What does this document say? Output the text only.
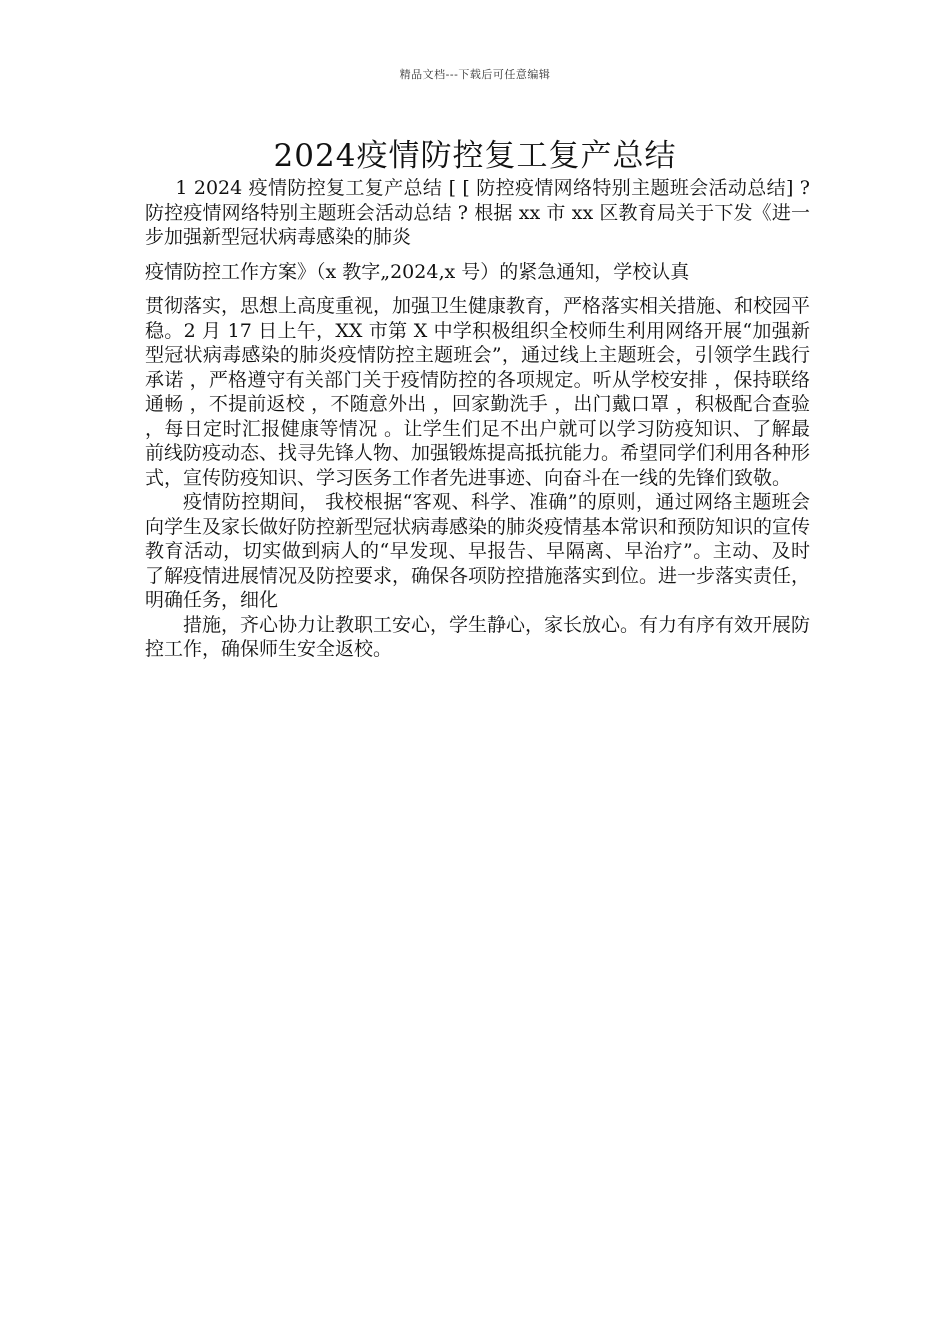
精品文档---下载后可任意编辑
2024疫情防控复工复产总结

1 2024 疫情防控复工复产总结 [ [ 防控疫情网络特别主题班会活动总结] ? 防控疫情网络特别主题班会活动总结 ? 根据 xx 市 xx 区教育局关于下发《进一步加强新型冠状病毒感染的肺炎

疫情防控工作方案》（x 教字„2024‚x 号）的紧急通知，学校认真

贯彻落实，思想上高度重视，加强卫生健康教育，严格落实相关措施、和校园平稳。2 月 17 日上午，XX 市第 X 中学积极组织全校师生利用网络开展“加强新型冠状病毒感染的肺炎疫情防控主题班会”，通过线上主题班会，引领学生践行承诺 ，严格遵守有关部门关于疫情防控的各项规定。听从学校安排 ，保持联络通畅 ，不提前返校 ，不随意外出 ，回家勤洗手 ，出门戴口罩 ，积极配合查验 ，每日定时汇报健康等情况 。让学生们足不出户就可以学习防疫知识、了解最前线防疫动态、找寻先锋人物、加强锻炼提高抵抗能力。希望同学们利用各种形式，宣传防疫知识、学习医务工作者先进事迹、向奋斗在一线的先锋们致敬。

疫情防控期间， 我校根据“客观、科学、准确”的原则，通过网络主题班会向学生及家长做好防控新型冠状病毒感染的肺炎疫情基本常识和预防知识的宣传教育活动，切实做到病人的“早发现、早报告、早隔离、早治疗”。主动、及时了解疫情进展情况及防控要求，确保各项防控措施落实到位。进一步落实责任，明确任务，细化

措施，齐心协力让教职工安心，学生静心，家长放心。有力有序有效开展防控工作，确保师生安全返校。
